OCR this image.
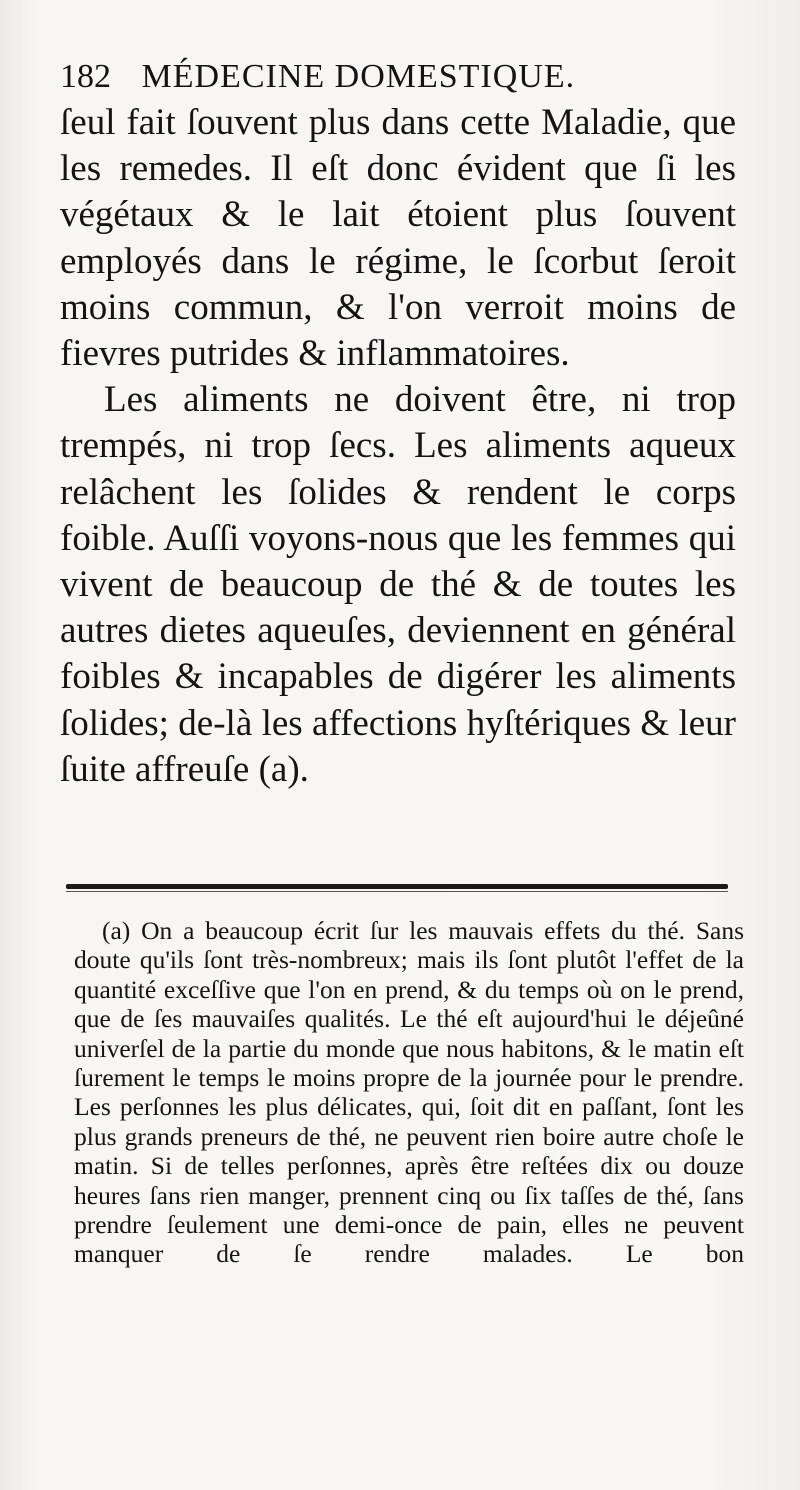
182 MÉDECINE DOMESTIQUE.

ſeul fait ſouvent plus dans cette Maladie, que les remedes. Il eſt donc évident que ſi les végétaux & le lait étoient plus ſouvent employés dans le régime, le ſcorbut ſeroit moins commun, & l'on verroit moins de fievres putrides & inflammatoires.

Les aliments ne doivent être, ni trop trempés, ni trop ſecs. Les aliments aqueux relâchent les ſolides & rendent le corps foible. Auſſi voyons-nous que les femmes qui vivent de beaucoup de thé & de toutes les autres dietes aqueuſes, deviennent en général foibles & incapables de digérer les aliments ſolides; de-là les affections hyſtériques & leur ſuite affreuſe (a).

(a) On a beaucoup écrit ſur les mauvais effets du thé. Sans doute qu'ils ſont très-nombreux; mais ils ſont plutôt l'effet de la quantité exceſſive que l'on en prend, & du temps où on le prend, que de ſes mauvaiſes qualités. Le thé eſt aujourd'hui le déjeûné univerſel de la partie du monde que nous habitons, & le matin eſt ſurement le temps le moins propre de la journée pour le prendre. Les perſonnes les plus délicates, qui, ſoit dit en paſſant, ſont les plus grands preneurs de thé, ne peuvent rien boire autre choſe le matin. Si de telles perſonnes, après être reſtées dix ou douze heures ſans rien manger, prennent cinq ou ſix taſſes de thé, ſans prendre ſeulement une demi-once de pain, elles ne peuvent manquer de ſe rendre malades. Le bon
